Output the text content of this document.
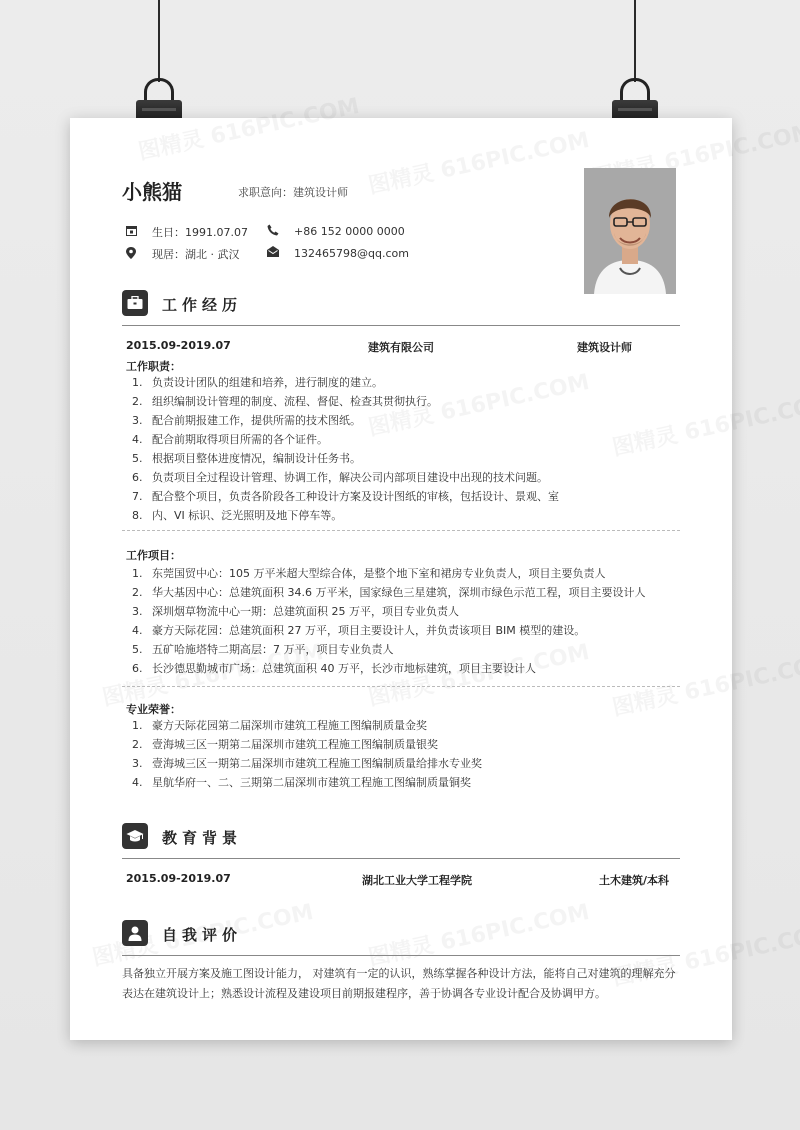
小熊猫	求职意向：建筑设计师
生日：1991.07.07
现居：湖北 · 武汉
+86 152 0000 0000
132465798@qq.com
工作经历
2015.09-2019.07	建筑有限公司	建筑设计师
工作职责：
1. 负责设计团队的组建和培养，进行制度的建立。
2. 组织编制设计管理的制度、流程、督促、检查其贯彻执行。
3. 配合前期报建工作，提供所需的技术图纸。
4. 配合前期取得项目所需的各个证件。
5. 根据项目整体进度情况，编制设计任务书。
6. 负责项目全过程设计管理、协调工作，解决公司内部项目建设中出现的技术问题。
7. 配合整个项目，负责各阶段各工种设计方案及设计图纸的审核，包括设计、景观、室
8. 内、VI 标识、泛光照明及地下停车等。
工作项目：
1. 东莞国贸中心：105 万平米超大型综合体，是整个地下室和裙房专业负责人，项目主要负责人
2. 华大基因中心：总建筑面积 34.6 万平米，国家绿色三星建筑，深圳市绿色示范工程，项目主要设计人
3. 深圳烟草物流中心一期：总建筑面积 25 万平，项目专业负责人
4. 豪方天际花园：总建筑面积 27 万平，项目主要设计人，并负责该项目 BIM 模型的建设。
5. 五矿哈施塔特二期高层：7 万平，项目专业负责人
6. 长沙德思勤城市广场：总建筑面积 40 万平，长沙市地标建筑，项目主要设计人
专业荣誉：
1. 豪方天际花园第二届深圳市建筑工程施工图编制质量金奖
2. 壹海城三区一期第二届深圳市建筑工程施工图编制质量银奖
3. 壹海城三区一期第二届深圳市建筑工程施工图编制质量给排水专业奖
4. 星航华府一、二、三期第二届深圳市建筑工程施工图编制质量铜奖
教育背景
2015.09-2019.07	湖北工业大学工程学院	土木建筑/本科
自我评价
具备独立开展方案及施工图设计能力， 对建筑有一定的认识，熟练掌握各种设计方法，能将自己对建筑的理解充分表达在建筑设计上；熟悉设计流程及建设项目前期报建程序，善于协调各专业设计配合及协调甲方。
